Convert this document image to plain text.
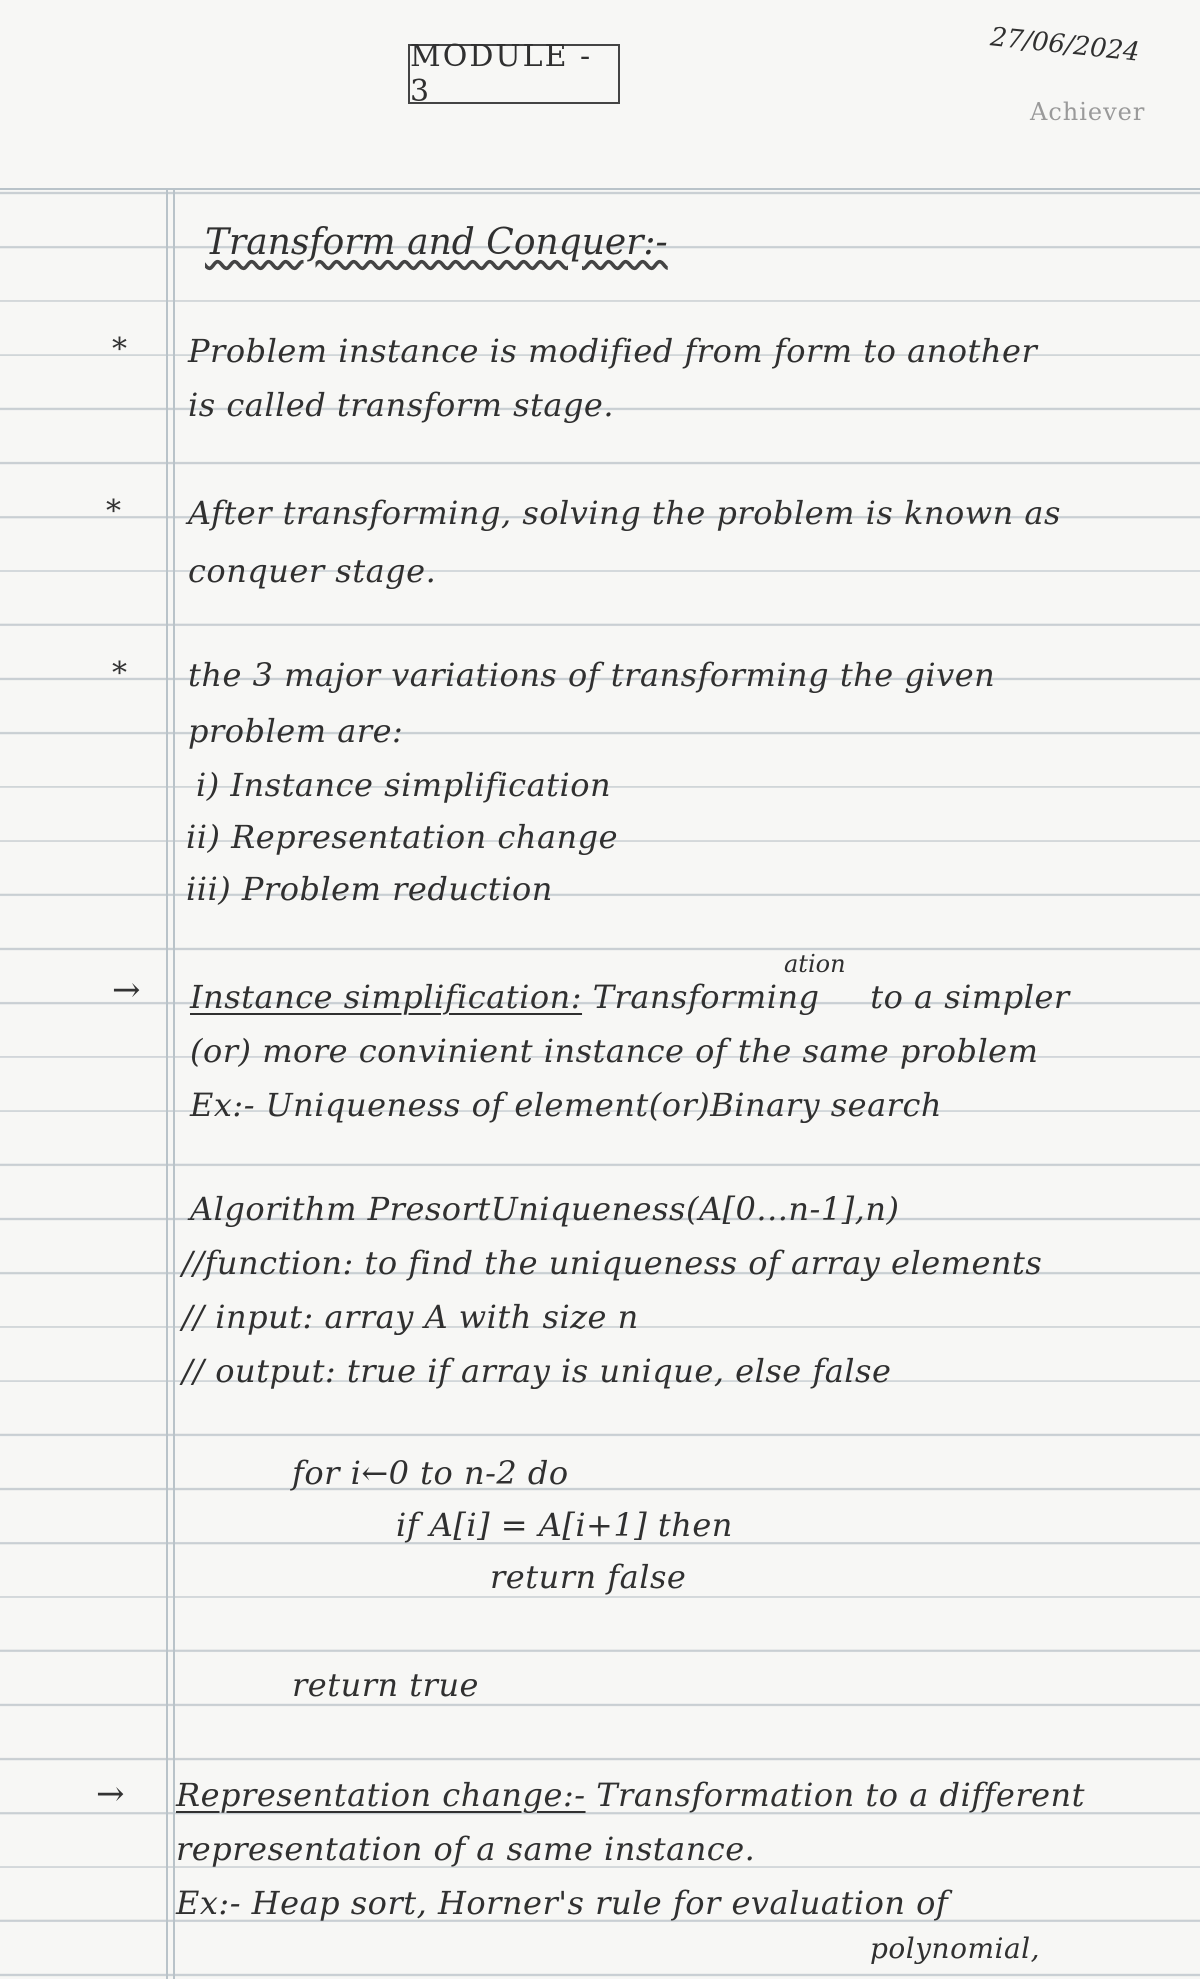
MODULE - 3
27/06/2024
Achiever
Transform and Conquer:-
* Problem instance is modified from form to another
is called transform stage.
* After transforming, solving the problem is known as
conquer stage.
* the 3 major variations of transforming the given
problem are:
i) Instance simplification
ii) Representation change
iii) Problem reduction
→
ation
Instance simplification: Transforming to a simpler
(or) more convinient instance of the same problem
Ex:- Uniqueness of element(or)Binary search
Algorithm PresortUniqueness(A[0...n-1],n)
//function: to find the uniqueness of array elements
// input: array A with size n
// output: true if array is unique, else false
for i←0 to n-2 do
if A[i] = A[i+1] then
return false
return true
→ Representation change:- Transformation to a different
representation of a same instance.
Ex:- Heap sort, Horner's rule for evaluation of
polynomial,
